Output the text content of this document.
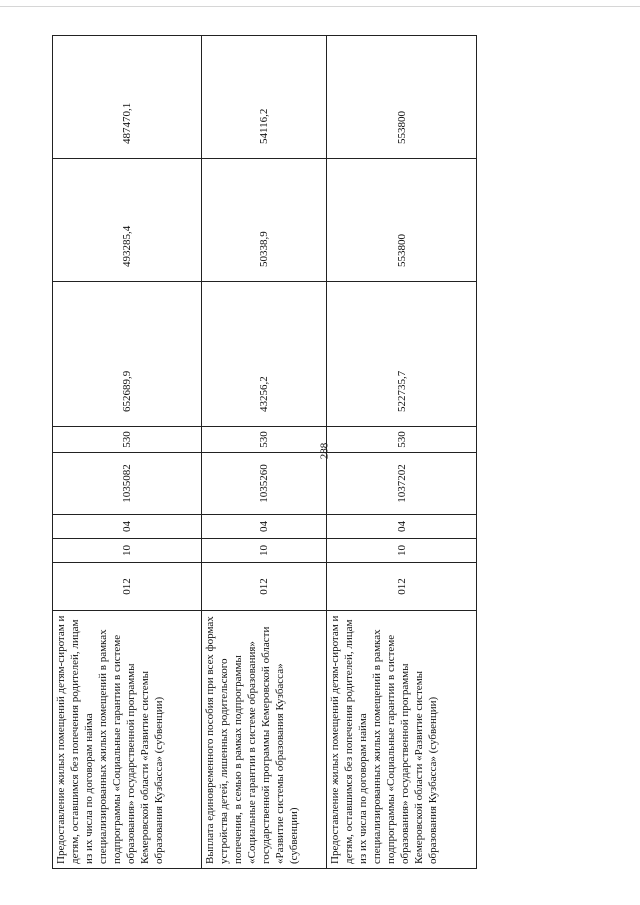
288
Предоставление жилых помещений детям-сиротам и детям, оставшимся без попечения родителей, лицам из их числа по договорам найма специализированных жилых помещений в рамках подпрограммы «Социальные гарантии в системе образования» государственной программы Кемеровской области «Развитие системы образования Кузбасса» (субвенции)	012	10	04	1035082	530	652689,9	493285,4	487470,1
Выплата единовременного пособия при всех формах устройства детей, лишенных родительского попечения, в семью в рамках подпрограммы «Социальные гарантии в системе образования» государственной программы Кемеровской области «Развитие системы образования Кузбасса» (субвенции)	012	10	04	1035260	530	43256,2	50338,9	54116,2
Предоставление жилых помещений детям-сиротам и детям, оставшимся без попечения родителей, лицам из их числа по договорам найма специализированных жилых помещений в рамках подпрограммы «Социальные гарантии в системе образования» государственной программы Кемеровской области «Развитие системы образования Кузбасса» (субвенции)	012	10	04	1037202	530	522735,7	553800	553800
